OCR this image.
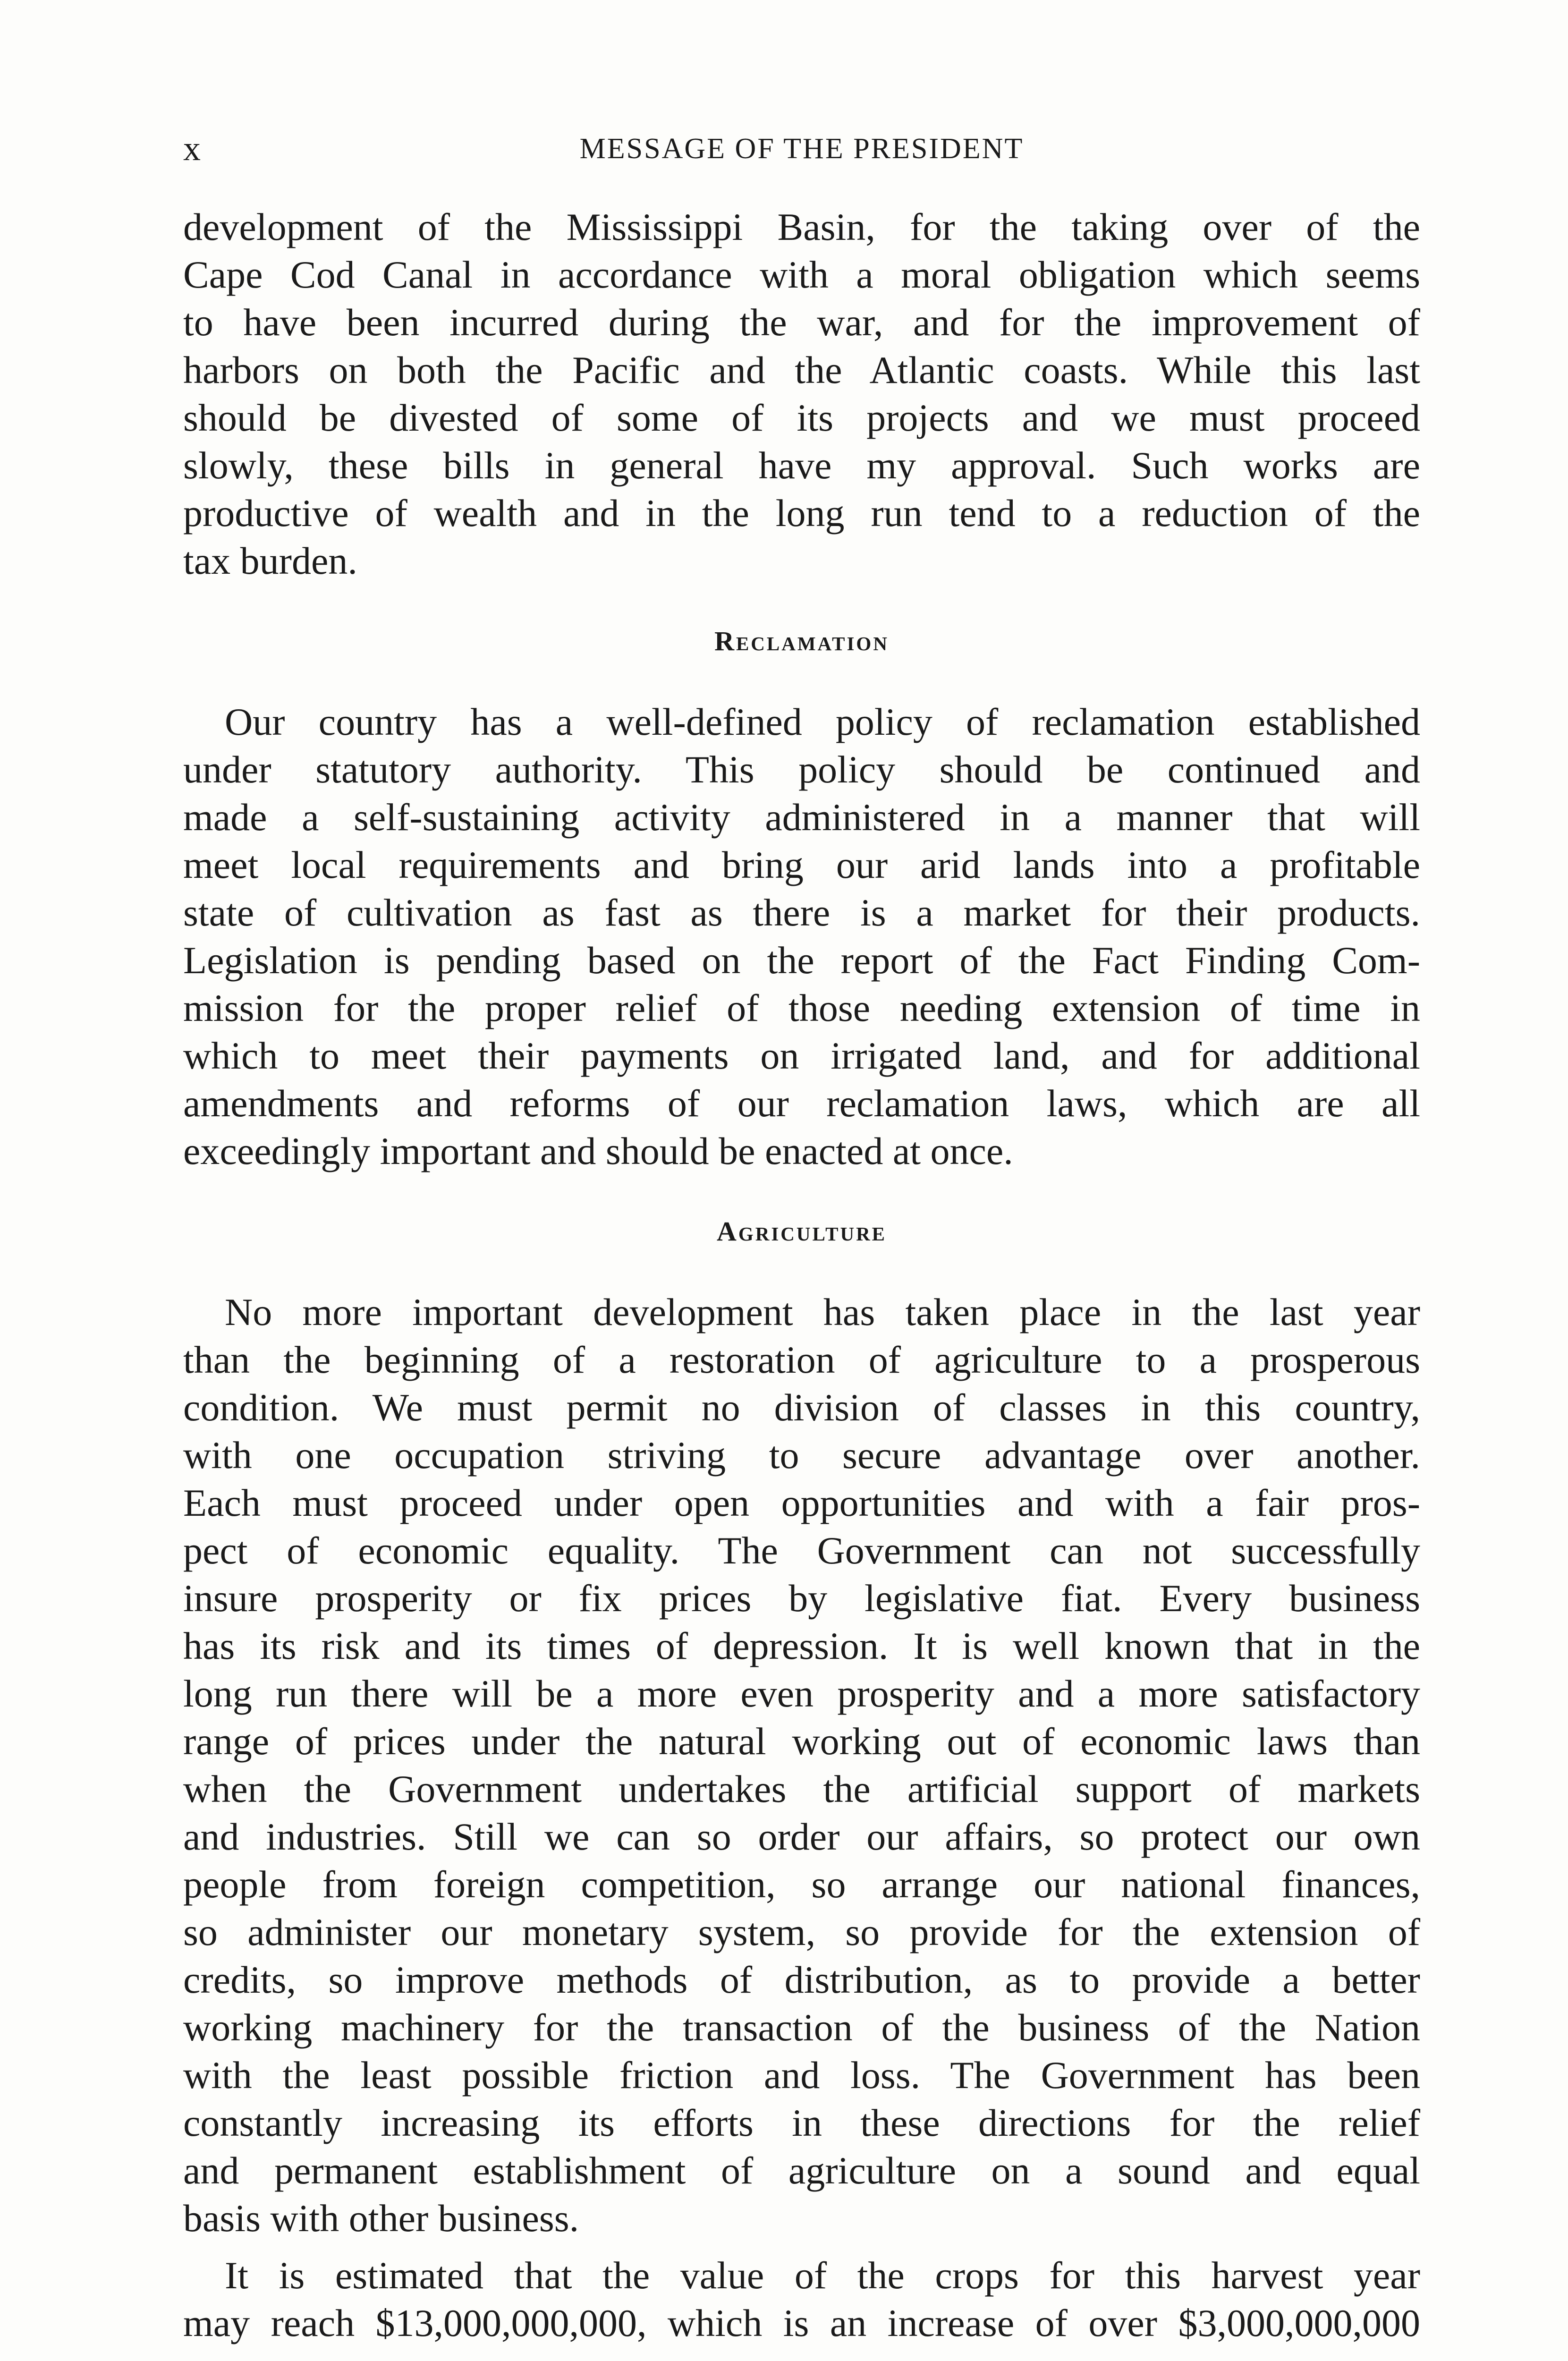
x	MESSAGE OF THE PRESIDENT

development of the Mississippi Basin, for the taking over of the
Cape Cod Canal in accordance with a moral obligation which seems
to have been incurred during the war, and for the improvement of
harbors on both the Pacific and the Atlantic coasts. While this last
should be divested of some of its projects and we must proceed
slowly, these bills in general have my approval. Such works are
productive of wealth and in the long run tend to a reduction of the
tax burden.

Reclamation

Our country has a well-defined policy of reclamation established
under statutory authority. This policy should be continued and
made a self-sustaining activity administered in a manner that will
meet local requirements and bring our arid lands into a profitable
state of cultivation as fast as there is a market for their products.
Legislation is pending based on the report of the Fact Finding Com-
mission for the proper relief of those needing extension of time in
which to meet their payments on irrigated land, and for additional
amendments and reforms of our reclamation laws, which are all
exceedingly important and should be enacted at once.

Agriculture

No more important development has taken place in the last year
than the beginning of a restoration of agriculture to a prosperous
condition. We must permit no division of classes in this country,
with one occupation striving to secure advantage over another.
Each must proceed under open opportunities and with a fair pros-
pect of economic equality. The Government can not successfully
insure prosperity or fix prices by legislative fiat. Every business
has its risk and its times of depression. It is well known that in the
long run there will be a more even prosperity and a more satisfactory
range of prices under the natural working out of economic laws than
when the Government undertakes the artificial support of markets
and industries. Still we can so order our affairs, so protect our own
people from foreign competition, so arrange our national finances,
so administer our monetary system, so provide for the extension of
credits, so improve methods of distribution, as to provide a better
working machinery for the transaction of the business of the Nation
with the least possible friction and loss. The Government has been
constantly increasing its efforts in these directions for the relief
and permanent establishment of agriculture on a sound and equal
basis with other business.

It is estimated that the value of the crops for this harvest year
may reach $13,000,000,000, which is an increase of over $3,000,000,000
